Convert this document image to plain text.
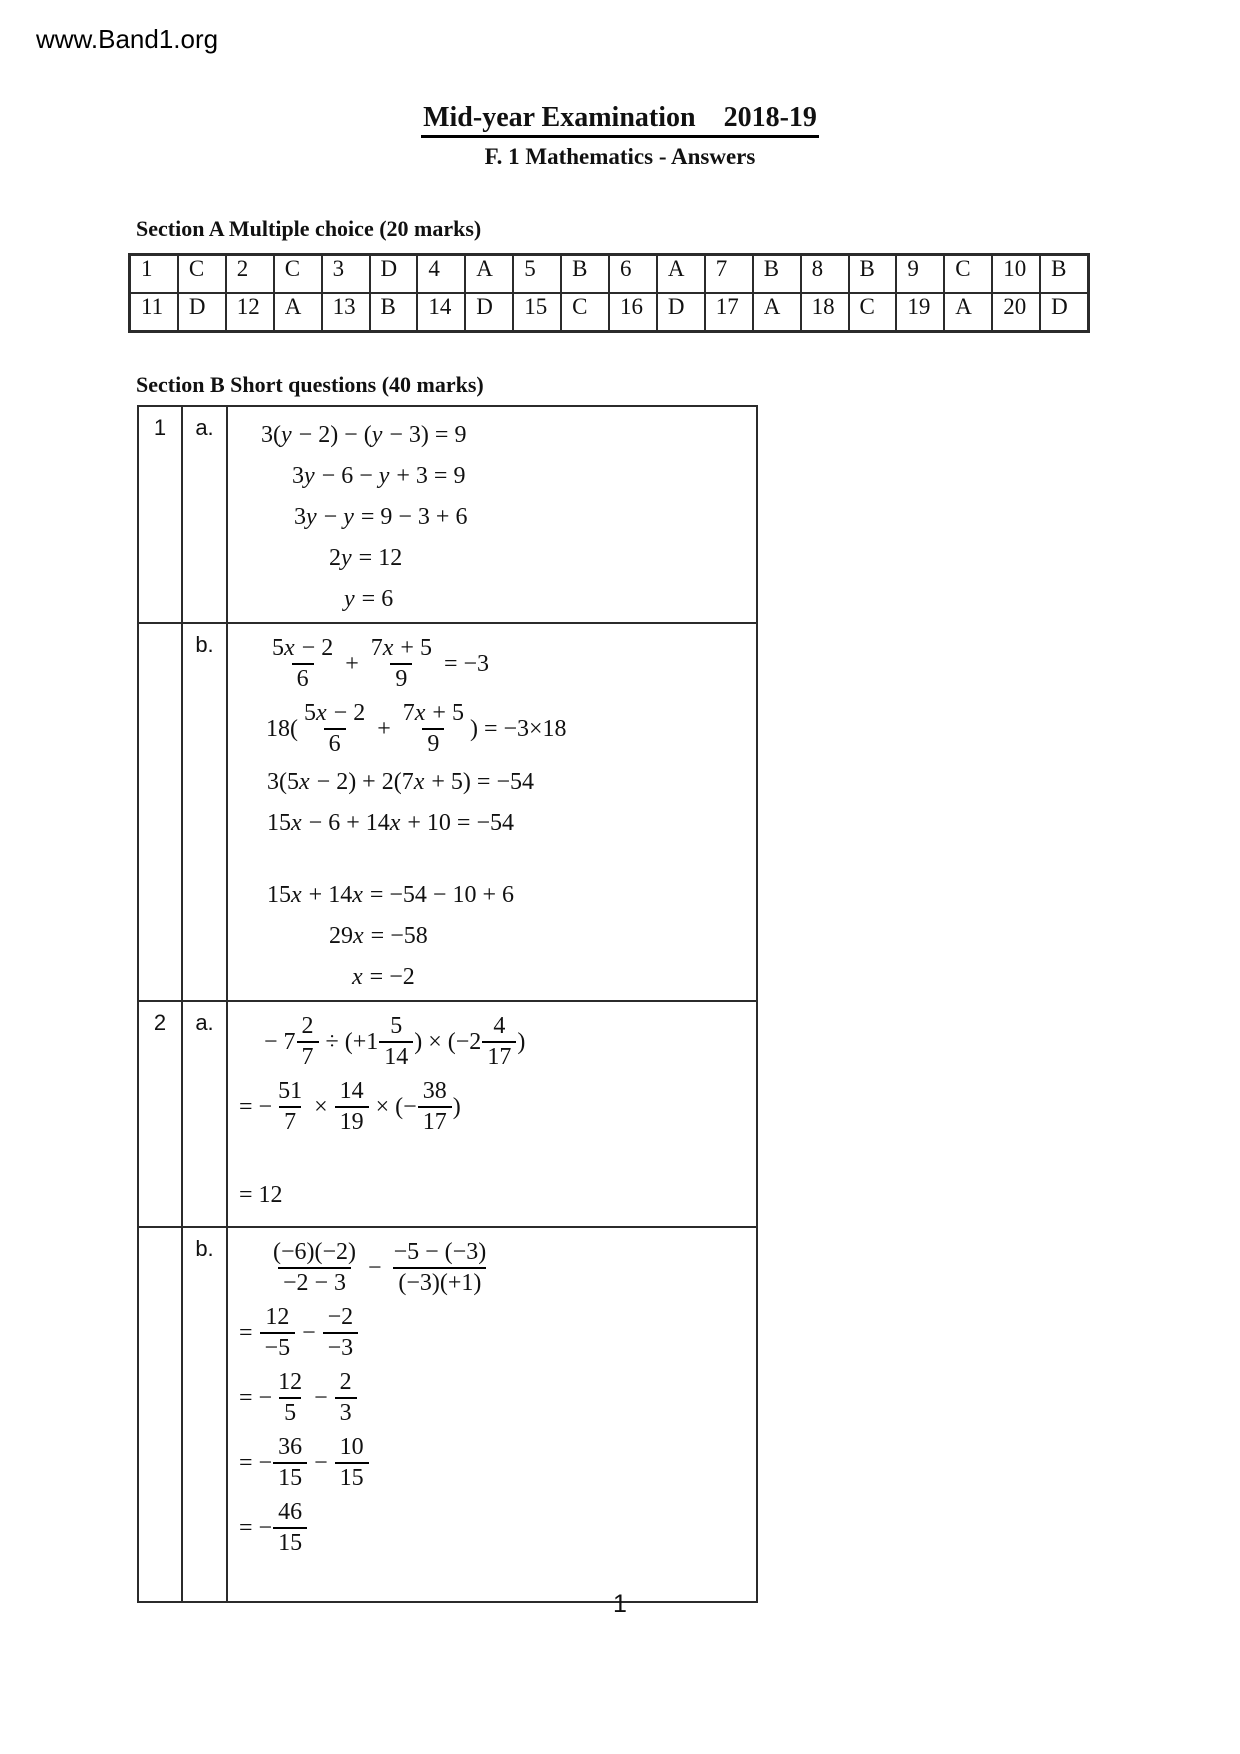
www.Band1.org
Mid-year Examination    2018-19
F. 1 Mathematics - Answers
Section A Multiple choice (20 marks)
1	C	2	C	3	D	4	A	5	B	6	A	7	B	8	B	9	C	10	B
11	D	12	A	13	B	14	D	15	C	16	D	17	A	18	C	19	A	20	D
Section B Short questions (40 marks)
1	a.	3(y − 2) − (y − 3) = 9
3y − 6 − y + 3 = 9
3y − y = 9 − 3 + 6
2y = 12
y = 6

	b.	$\frac{5x - 2}{6} + \frac{7x + 5}{9} = -3$
$18( \frac{5x - 2}{6} + \frac{7x + 5}{9}$ ) = −3×18
3(5x − 2) + 2(7x + 5) = −54
15x − 6 + 14x + 10 = −54
15x + 14x = −54 − 10 + 6
29x = −58
x = −2

2	a.	
− $7 \frac{2}{7} \div (+1 \frac{5}{14}$ ) × ($-2 \frac{4}{17}$ )
= − $\frac{51}{7} \times \frac{14}{19}$ × (− $\frac{38}{17}$ )
= 12

	b.	$\frac{(-6)(-2)}{-2 - 3} - \frac{-5 - (-3)}{(-3)(+1)}$
= $\frac{12}{-5} - \frac{-2}{-3}$
= − $\frac{12}{5} - \frac{2}{3}$
= − $\frac{36}{15} - \frac{10}{15}$
= − $\frac{46}{15}$
1
